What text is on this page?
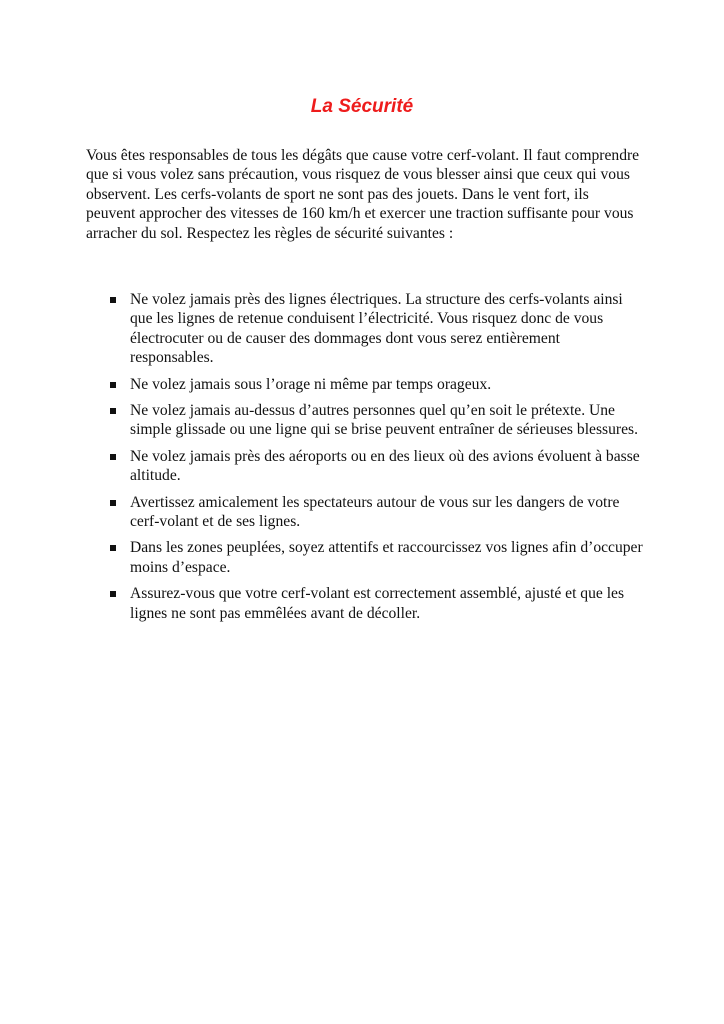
La Sécurité

Vous êtes responsables de tous les dégâts que cause votre cerf-volant. Il faut comprendre que si vous volez sans précaution, vous risquez de vous blesser ainsi que ceux qui vous observent. Les cerfs-volants de sport ne sont pas des jouets. Dans le vent fort, ils peuvent approcher des vitesses de 160 km/h et exercer une traction suffisante pour vous arracher du sol. Respectez les règles de sécurité suivantes :

Ne volez jamais près des lignes électriques. La structure des cerfs-volants ainsi que les lignes de retenue conduisent l’électricité. Vous risquez donc de vous électrocuter ou de causer des dommages dont vous serez entièrement responsables.
Ne volez jamais sous l’orage ni même par temps orageux.
Ne volez jamais au-dessus d’autres personnes quel qu’en soit le prétexte. Une simple glissade ou une ligne qui se brise peuvent entraîner de sérieuses blessures.
Ne volez jamais près des aéroports ou en des lieux où des avions évoluent à basse altitude.
Avertissez amicalement les spectateurs autour de vous sur les dangers de votre cerf-volant et de ses lignes.
Dans les zones peuplées, soyez attentifs et raccourcissez vos lignes afin d’occuper moins d’espace.
Assurez-vous que votre cerf-volant est correctement assemblé, ajusté et que les lignes ne sont pas emmêlées avant de décoller.
